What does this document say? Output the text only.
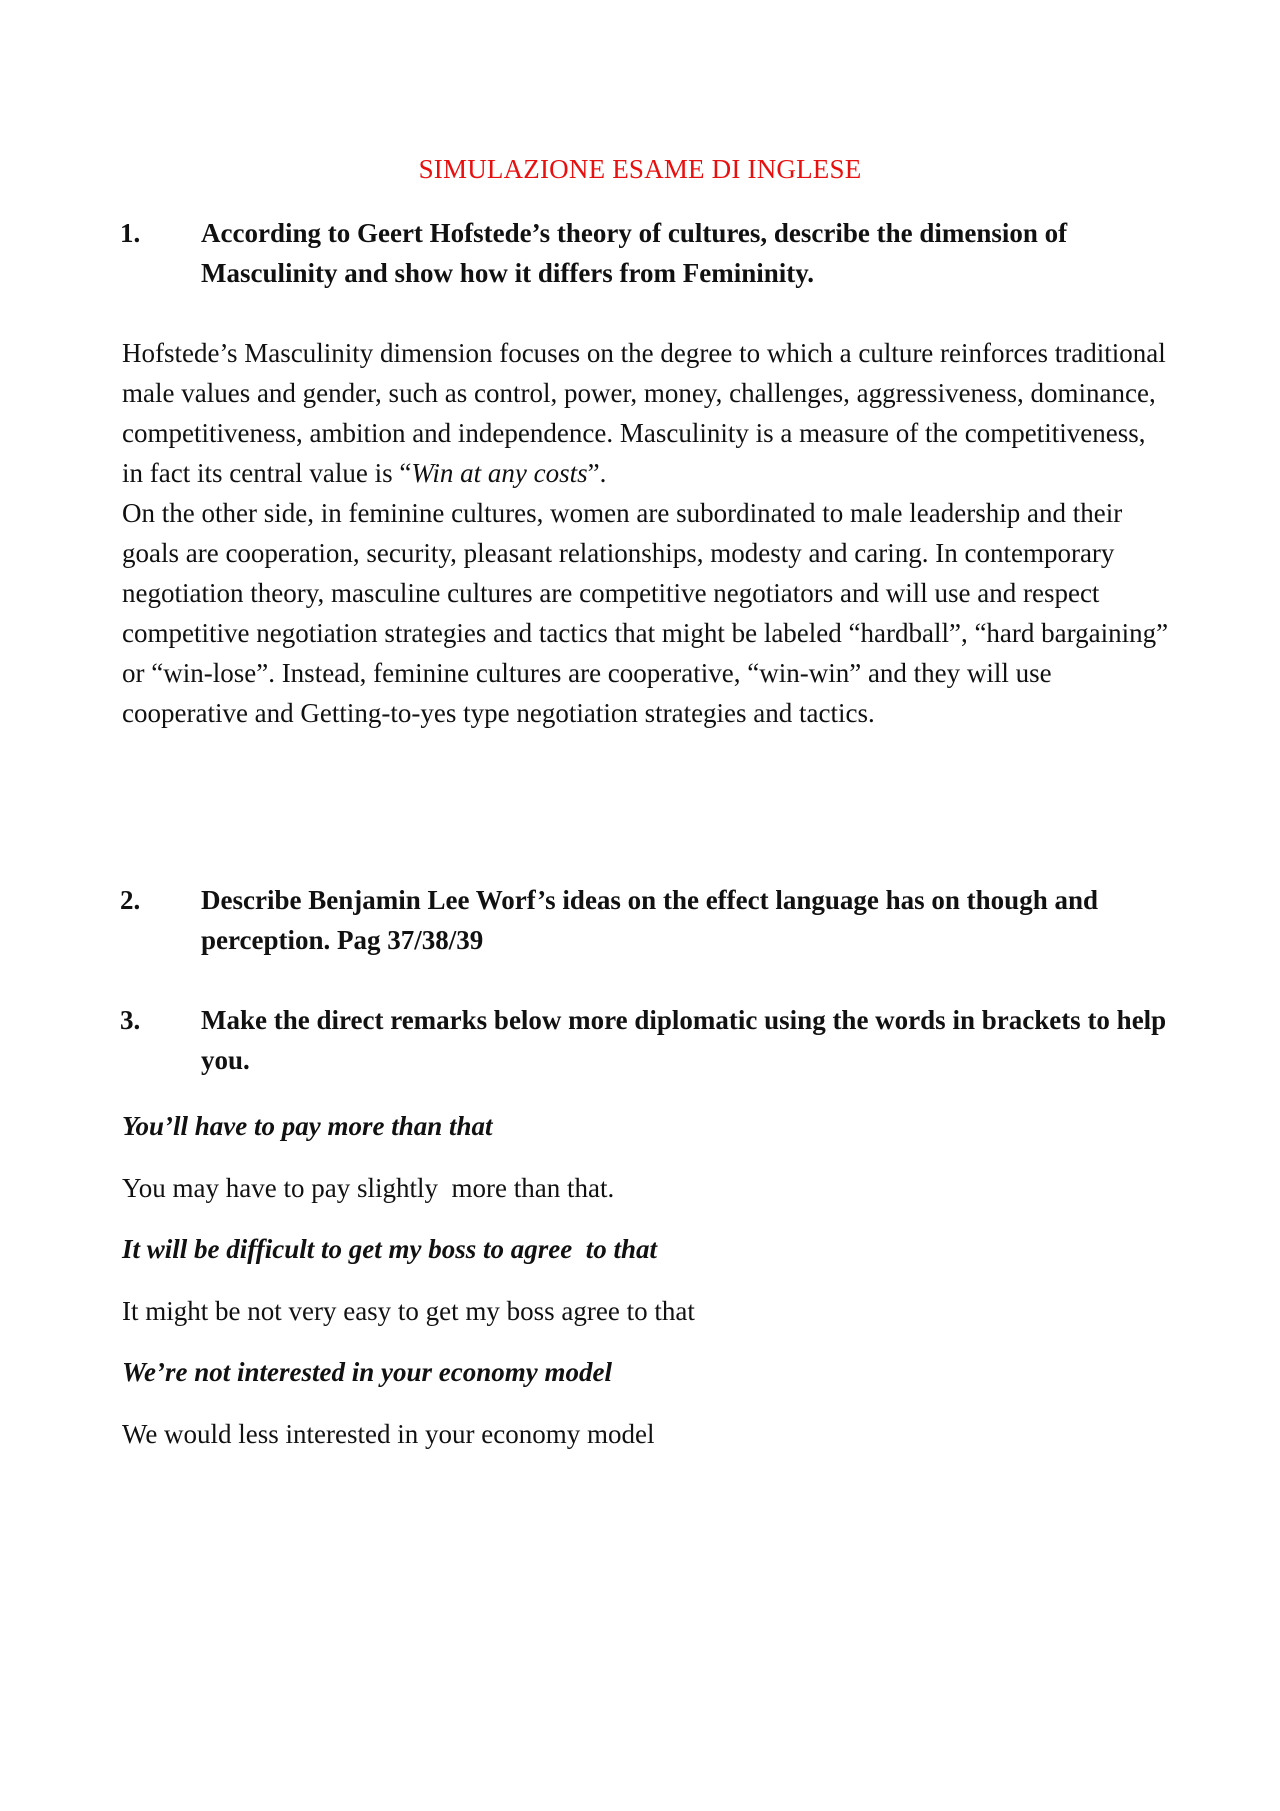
SIMULAZIONE ESAME DI INGLESE
1.	According to Geert Hofstede’s theory of cultures, describe the dimension of Masculinity and show how it differs from Femininity.

Hofstede’s Masculinity dimension focuses on the degree to which a culture reinforces traditional male values and gender, such as control, power, money, challenges, aggressiveness, dominance, competitiveness, ambition and independence. Masculinity is a measure of the competitiveness, in fact its central value is “Win at any costs”.

On the other side, in feminine cultures, women are subordinated to male leadership and their goals are cooperation, security, pleasant relationships, modesty and caring. In contemporary negotiation theory, masculine cultures are competitive negotiators and will use and respect competitive negotiation strategies and tactics that might be labeled “hardball”, “hard bargaining” or “win-lose”. Instead, feminine cultures are cooperative, “win-win” and they will use cooperative and Getting-to-yes type negotiation strategies and tactics.

2.	Describe Benjamin Lee Worf’s ideas on the effect language has on though and perception. Pag 37/38/39
3.	Make the direct remarks below more diplomatic using the words in brackets to help you.
You’ll have to pay more than that
You may have to pay slightly  more than that.
It will be difficult to get my boss to agree  to that
It might be not very easy to get my boss agree to that
We’re not interested in your economy model
We would less interested in your economy model
